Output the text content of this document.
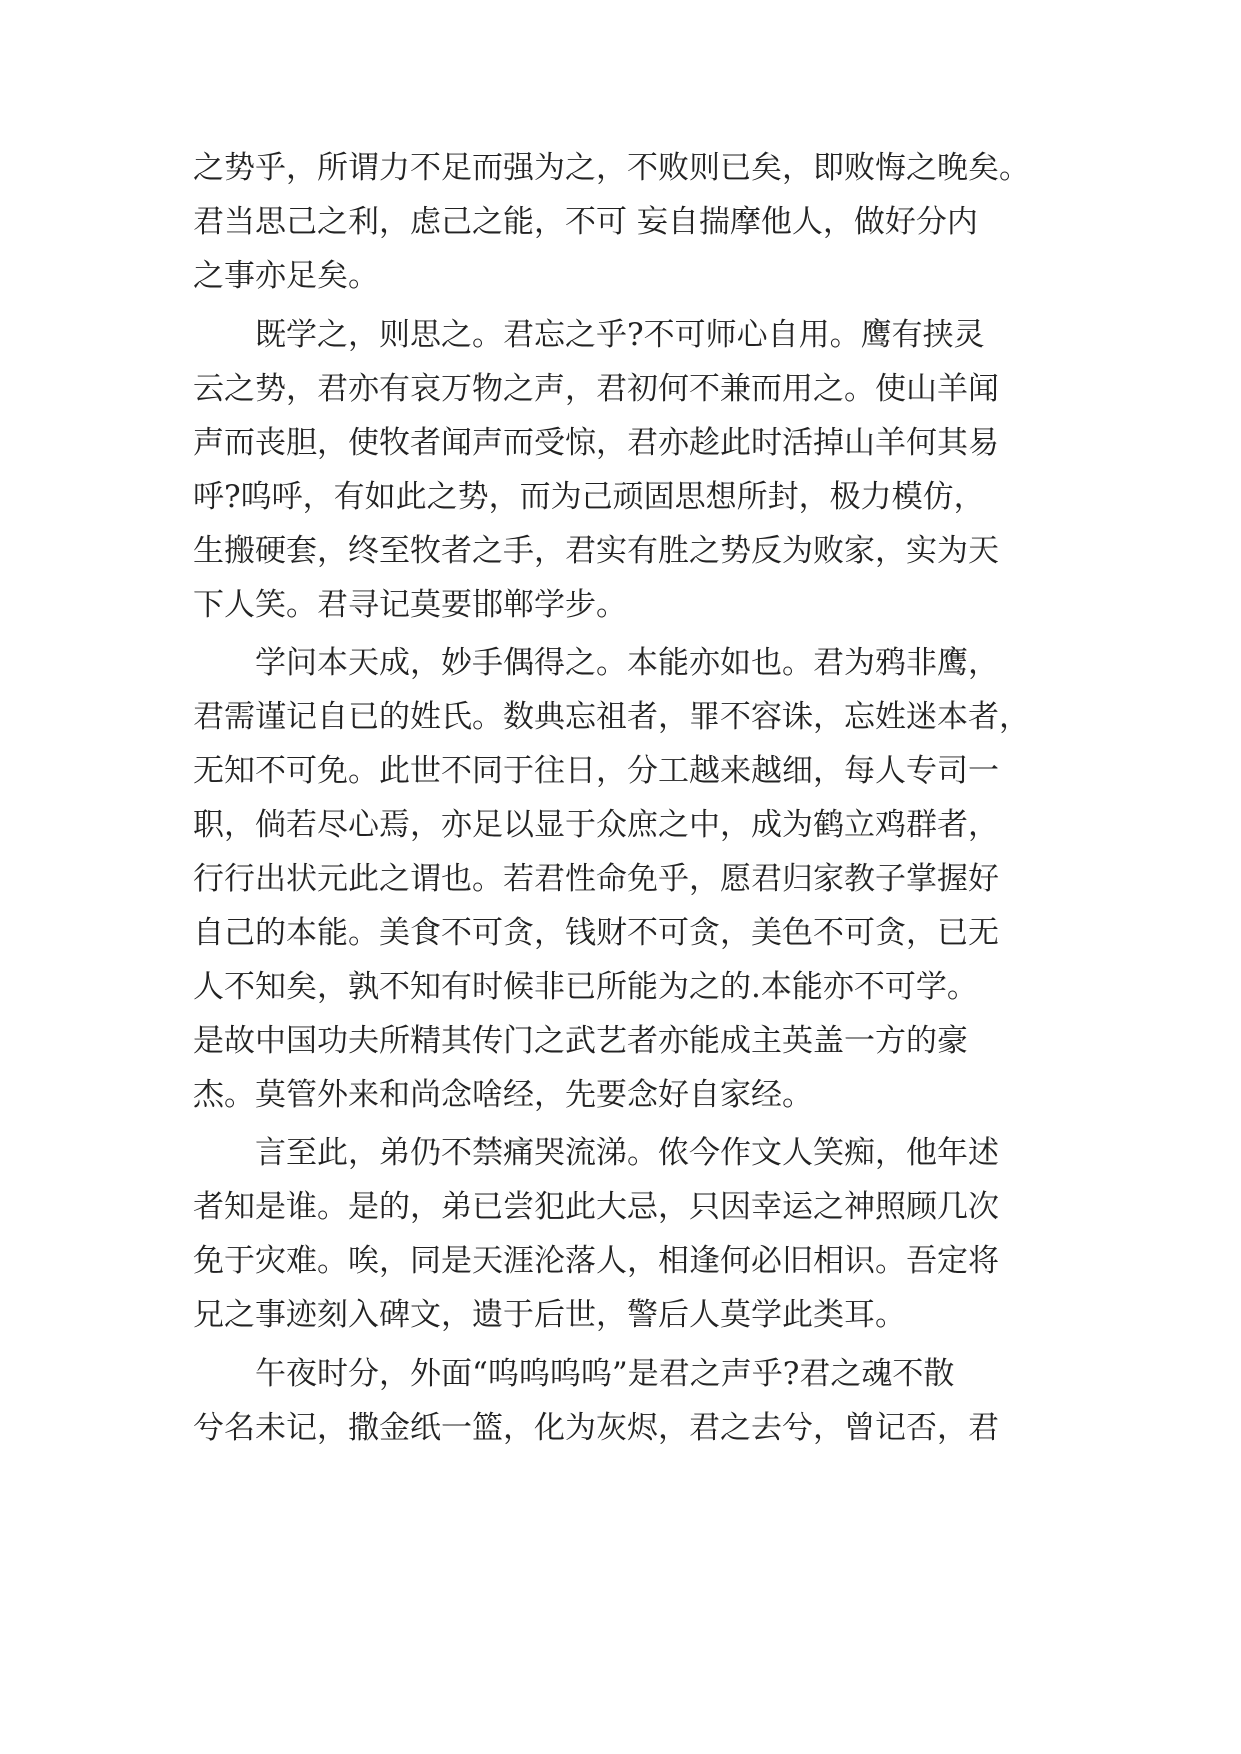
之势乎，所谓力不足而强为之，不败则已矣，即败悔之晚矣。
君当思己之利，虑己之能，不可 妄自揣摩他人，做好分内
之事亦足矣。
既学之，则思之。君忘之乎?不可师心自用。鹰有挟灵
云之势，君亦有哀万物之声，君初何不兼而用之。使山羊闻
声而丧胆，使牧者闻声而受惊，君亦趁此时活掉山羊何其易
呼?呜呼，有如此之势，而为己顽固思想所封，极力模仿，
生搬硬套，终至牧者之手，君实有胜之势反为败家，实为天
下人笑。君寻记莫要邯郸学步。
学问本天成，妙手偶得之。本能亦如也。君为鸦非鹰，
君需谨记自已的姓氏。数典忘祖者，罪不容诛，忘姓迷本者，
无知不可免。此世不同于往日，分工越来越细，每人专司一
职，倘若尽心焉，亦足以显于众庶之中，成为鹤立鸡群者，
行行出状元此之谓也。若君性命免乎，愿君归家教子掌握好
自己的本能。美食不可贪，钱财不可贪，美色不可贪，已无
人不知矣，孰不知有时候非已所能为之的.本能亦不可学。
是故中国功夫所精其传门之武艺者亦能成主英盖一方的豪
杰。莫管外来和尚念啥经，先要念好自家经。
言至此，弟仍不禁痛哭流涕。侬今作文人笑痴，他年述
者知是谁。是的，弟已尝犯此大忌，只因幸运之神照顾几次
免于灾难。唉，同是天涯沦落人，相逢何必旧相识。吾定将
兄之事迹刻入碑文，遗于后世，警后人莫学此类耳。
午夜时分，外面“呜呜呜呜”是君之声乎?君之魂不散
兮名未记，撒金纸一篮，化为灰烬，君之去兮，曾记否，君
